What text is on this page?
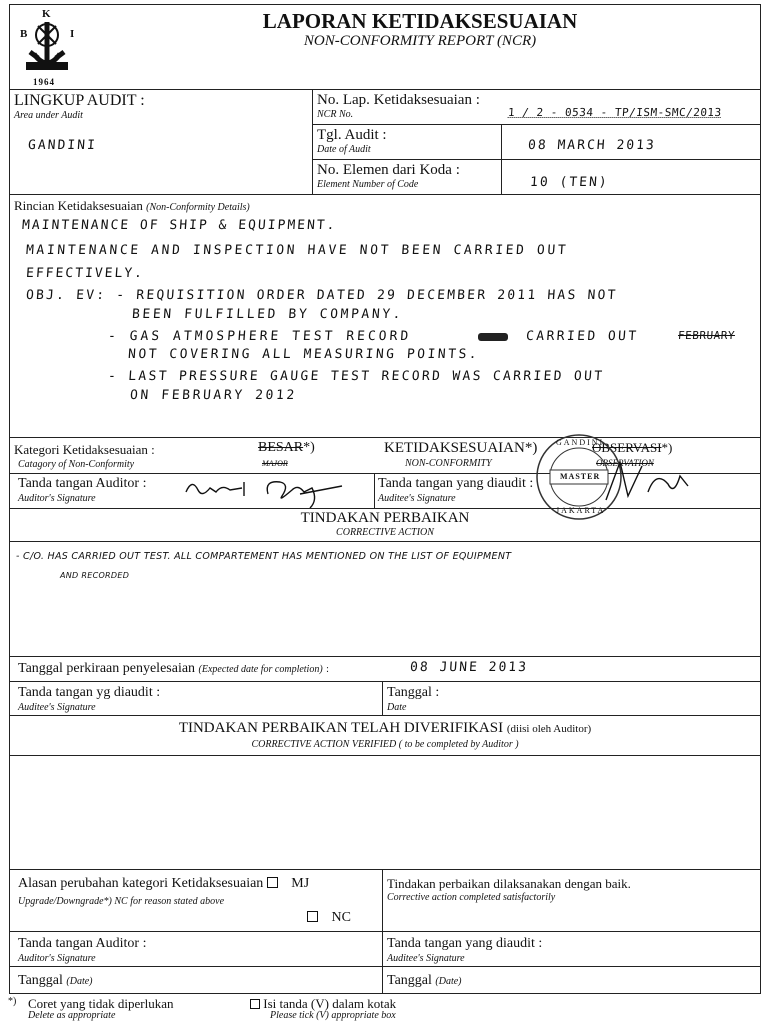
K
B	I
1964
LAPORAN KETIDAKSESUAIAN
NON-CONFORMITY REPORT (NCR)
LINGKUP AUDIT :
Area under Audit
GANDINI
No. Lap. Ketidaksesuaian :
NCR No.	1 / 2 - 0534 - TP/ISM-SMC/2013
Tgl. Audit :
Date of Audit	08 MARCH 2013
No. Elemen dari Koda :
Element Number of Code	10 (TEN)
Rincian Ketidaksesuaian (Non-Conformity Details)
MAINTENANCE OF SHIP & EQUIPMENT.
MAINTENANCE AND INSPECTION HAVE NOT BEEN CARRIED OUT
EFFECTIVELY.
OBJ. EV: - REQUISITION ORDER DATED 29 DECEMBER 2011 HAS NOT
BEEN FULFILLED BY COMPANY.
- GAS ATMOSPHERE TEST RECORD	CARRIED OUT	FEBRUARY
NOT COVERING ALL MEASURING POINTS.
- LAST PRESSURE GAUGE TEST RECORD WAS CARRIED OUT
ON FEBRUARY 2012
Kategori Ketidaksesuaian :
Catagory of Non-Conformity
BESAR*)
MAJOR
KETIDAKSESUAIAN*)
NON-CONFORMITY
OBSERVASI*)
OBSERVATION
Tanda tangan Auditor :
Auditor's Signature
Tanda tangan yang diaudit :
Auditee's Signature
GANDINI
MASTER
JAKARTA
TINDAKAN PERBAIKAN
CORRECTIVE ACTION
- C/O. HAS CARRIED OUT TEST. ALL COMPARTEMENT HAS MENTIONED ON THE LIST OF EQUIPMENT
AND RECORDED
Tanggal perkiraan penyelesaian (Expected date for completion) :	08 JUNE 2013
Tanda tangan yg diaudit :
Auditee's Signature
Tanggal :
Date
TINDAKAN PERBAIKAN TELAH DIVERIFIKASI (diisi oleh Auditor)
CORRECTIVE ACTION VERIFIED ( to be completed by Auditor )
Alasan perubahan kategori Ketidaksesuaian MJ
Upgrade/Downgrade*) NC for reason stated above
NC
Tindakan perbaikan dilaksanakan dengan baik.
Corrective action completed satisfactorily
Tanda tangan Auditor :
Auditor's Signature
Tanda tangan yang diaudit :
Auditee's Signature
Tanggal (Date)	Tanggal (Date)
*) Coret yang tidak diperlukan
Delete as appropriate
Isi tanda (V) dalam kotak
Please tick (V) appropriate box
